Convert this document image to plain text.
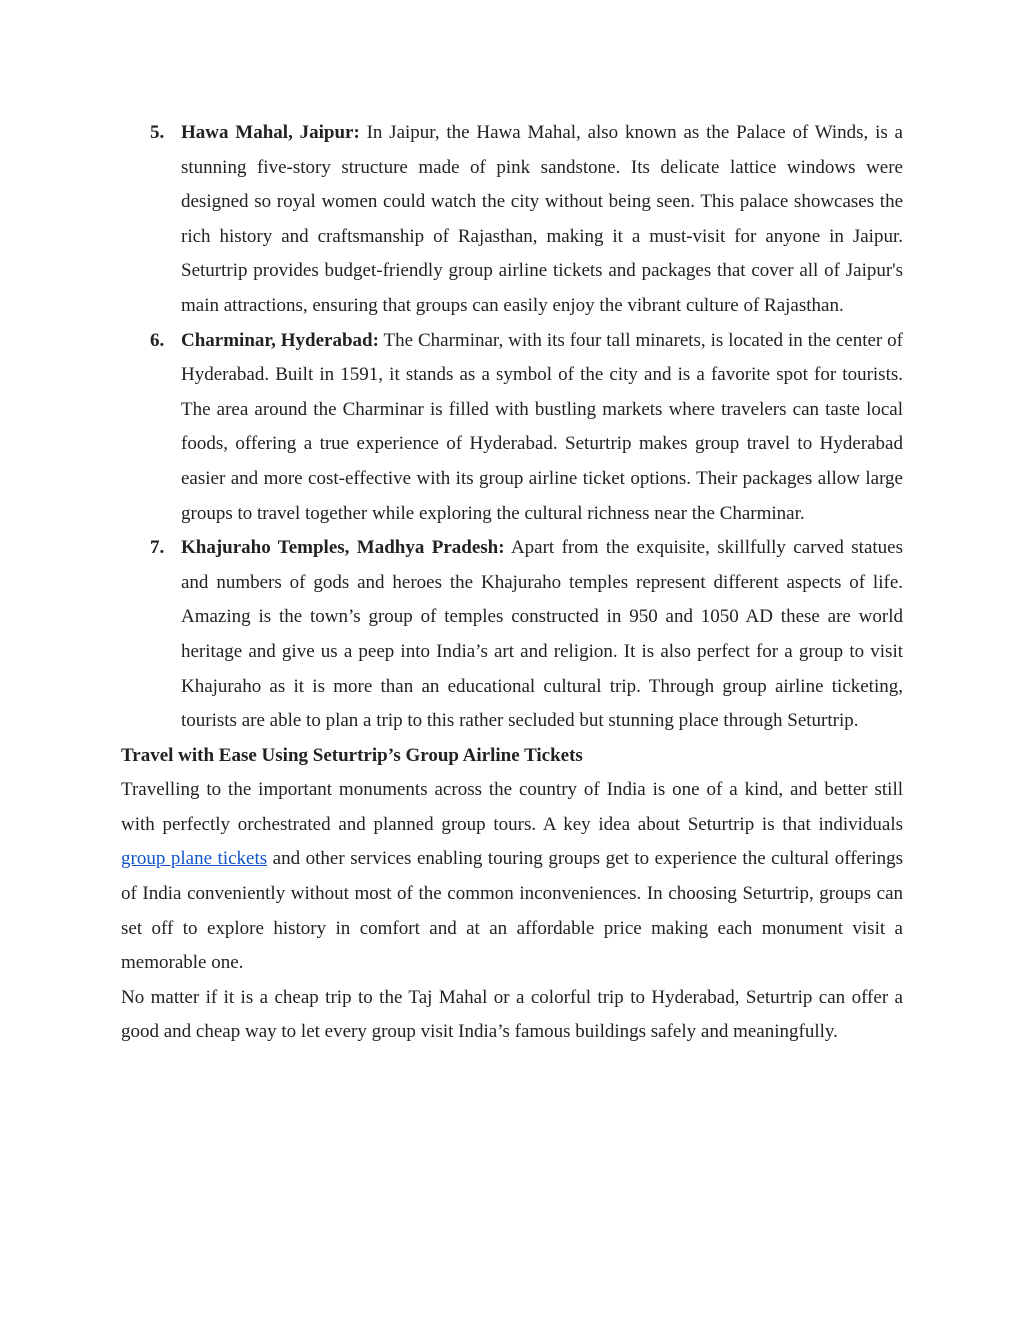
5. Hawa Mahal, Jaipur: In Jaipur, the Hawa Mahal, also known as the Palace of Winds, is a stunning five-story structure made of pink sandstone. Its delicate lattice windows were designed so royal women could watch the city without being seen. This palace showcases the rich history and craftsmanship of Rajasthan, making it a must-visit for anyone in Jaipur. Seturtrip provides budget-friendly group airline tickets and packages that cover all of Jaipur's main attractions, ensuring that groups can easily enjoy the vibrant culture of Rajasthan.
6. Charminar, Hyderabad: The Charminar, with its four tall minarets, is located in the center of Hyderabad. Built in 1591, it stands as a symbol of the city and is a favorite spot for tourists. The area around the Charminar is filled with bustling markets where travelers can taste local foods, offering a true experience of Hyderabad. Seturtrip makes group travel to Hyderabad easier and more cost-effective with its group airline ticket options. Their packages allow large groups to travel together while exploring the cultural richness near the Charminar.
7. Khajuraho Temples, Madhya Pradesh: Apart from the exquisite, skillfully carved statues and numbers of gods and heroes the Khajuraho temples represent different aspects of life. Amazing is the town’s group of temples constructed in 950 and 1050 AD these are world heritage and give us a peep into India’s art and religion. It is also perfect for a group to visit Khajuraho as it is more than an educational cultural trip. Through group airline ticketing, tourists are able to plan a trip to this rather secluded but stunning place through Seturtrip.

Travel with Ease Using Seturtrip’s Group Airline Tickets

Travelling to the important monuments across the country of India is one of a kind, and better still with perfectly orchestrated and planned group tours. A key idea about Seturtrip is that individuals group plane tickets and other services enabling touring groups get to experience the cultural offerings of India conveniently without most of the common inconveniences. In choosing Seturtrip, groups can set off to explore history in comfort and at an affordable price making each monument visit a memorable one.

No matter if it is a cheap trip to the Taj Mahal or a colorful trip to Hyderabad, Seturtrip can offer a good and cheap way to let every group visit India’s famous buildings safely and meaningfully.
